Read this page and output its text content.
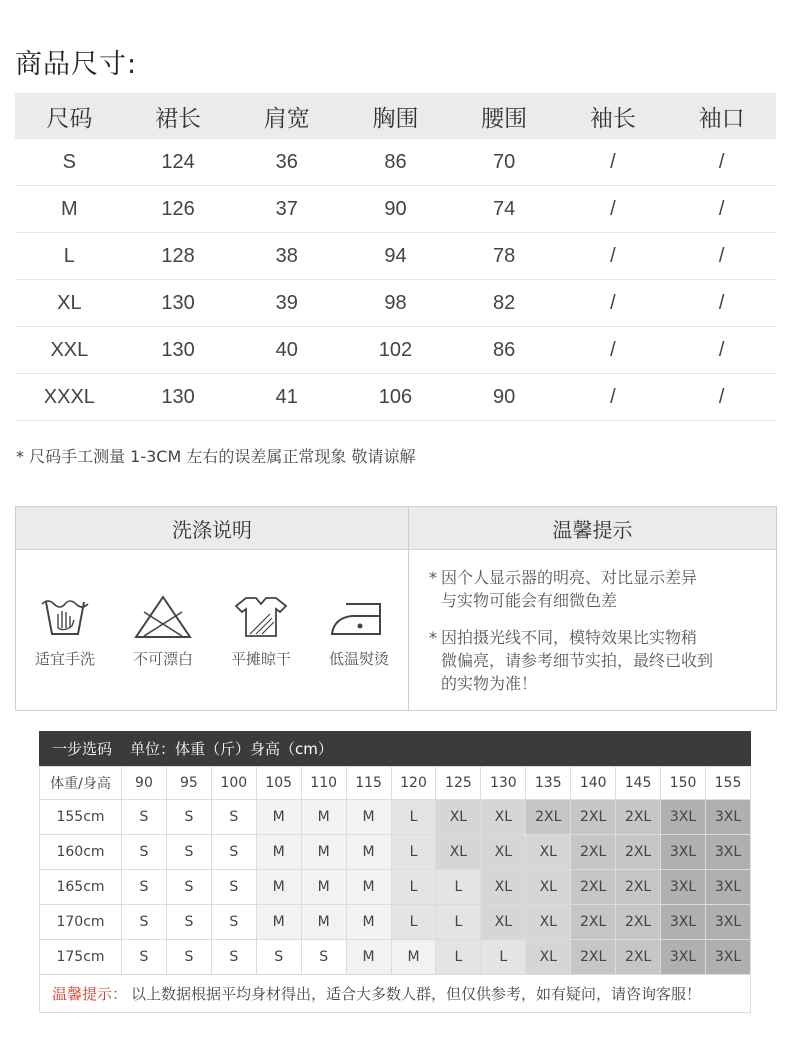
商品尺寸:
尺码	裙长	肩宽	胸围	腰围	袖长	袖口
S	124	36	86	70	/	/
M	126	37	90	74	/	/
L	128	38	94	78	/	/
XL	130	39	98	82	/	/
XXL	130	40	102	86	/	/
XXXL	130	41	106	90	/	/
* 尺码手工测量 1-3CM 左右的误差属正常现象 敬请谅解
洗涤说明
适宜手洗	不可漂白	平摊晾干	低温熨烫
温馨提示
* 因个人显示器的明亮、对比显示差异
与实物可能会有细微色差
* 因拍摄光线不同，模特效果比实物稍
微偏亮，请参考细节实拍，最终已收到
的实物为准！
一步选码 单位：体重（斤）身高（cm）
体重/身高	90	95	100	105	110	115	120	125	130	135	140	145	150	155
155cm	S	S	S	M	M	M	L	XL	XL	2XL	2XL	2XL	3XL	3XL
160cm	S	S	S	M	M	M	L	XL	XL	XL	2XL	2XL	3XL	3XL
165cm	S	S	S	M	M	M	L	L	XL	XL	2XL	2XL	3XL	3XL
170cm	S	S	S	M	M	M	L	L	XL	XL	2XL	2XL	3XL	3XL
175cm	S	S	S	S	S	M	M	L	L	XL	2XL	2XL	3XL	3XL
温馨提示： 以上数据根据平均身材得出，适合大多数人群，但仅供参考，如有疑问，请咨询客服！
